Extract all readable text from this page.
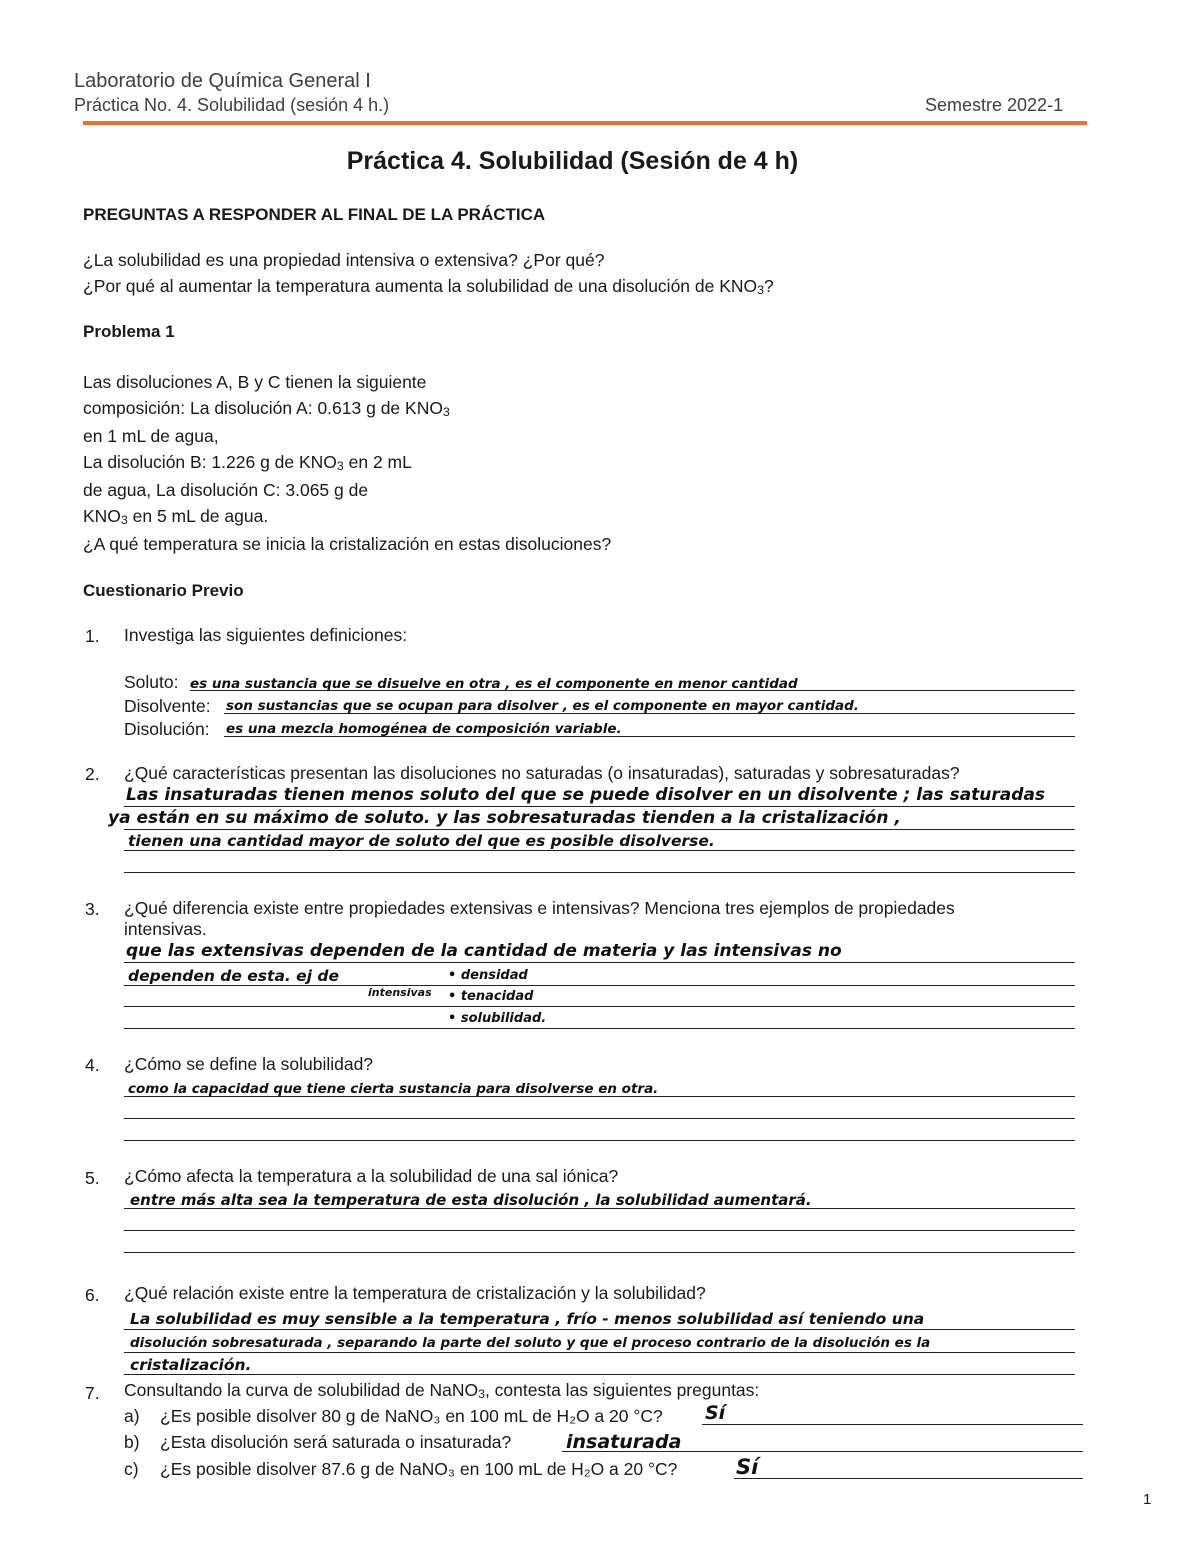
Laboratorio de Química General I
Práctica No. 4. Solubilidad (sesión 4 h.)	Semestre 2022-1
Práctica 4. Solubilidad (Sesión de 4 h)
PREGUNTAS A RESPONDER AL FINAL DE LA PRÁCTICA
¿La solubilidad es una propiedad intensiva o extensiva? ¿Por qué?
¿Por qué al aumentar la temperatura aumenta la solubilidad de una disolución de $KNO_3$?
Problema 1
Las disoluciones A, B y C tienen la siguiente
composición: La disolución A: 0.613 g de $KNO_3$
en 1 mL de agua,
La disolución B: 1.226 g de $KNO_3$ en 2 mL
de agua, La disolución C: 3.065 g de
$KNO_3$ en 5 mL de agua.
¿A qué temperatura se inicia la cristalización en estas disoluciones?
Cuestionario Previo
1. Investiga las siguientes definiciones:
Soluto: es una sustancia que se disuelve en otra , es el componente en menor cantidad
Disolvente: son sustancias que se ocupan para disolver , es el componente en mayor cantidad.
Disolución: es una mezcla homogénea de composición variable.
2. ¿Qué características presentan las disoluciones no saturadas (o insaturadas), saturadas y sobresaturadas?
Las insaturadas tienen menos soluto del que se puede disolver en un disolvente ; las saturadas
ya están en su máximo de soluto. y las sobresaturadas tienden a la cristalización ,
tienen una cantidad mayor de soluto del que es posible disolverse.
3. ¿Qué diferencia existe entre propiedades extensivas e intensivas? Menciona tres ejemplos de propiedades
intensivas.
que las extensivas dependen de la cantidad de materia y las intensivas no
dependen de esta. ej de	• densidad
intensivas • tenacidad
• solubilidad.
4. ¿Cómo se define la solubilidad?
como la capacidad que tiene cierta sustancia para disolverse en otra.
5. ¿Cómo afecta la temperatura a la solubilidad de una sal iónica?
entre más alta sea la temperatura de esta disolución , la solubilidad aumentará.
6. ¿Qué relación existe entre la temperatura de cristalización y la solubilidad?
La solubilidad es muy sensible a la temperatura , frío - menos solubilidad así teniendo una
disolución sobresaturada , separando la parte del soluto y que el proceso contrario de la disolución es la
cristalización.
7. Consultando la curva de solubilidad de NaNO$_3$, contesta las siguientes preguntas:
a) ¿Es posible disolver 80 g de NaNO₃ en 100 mL de H₂O a 20 °C? Sí
b) ¿Esta disolución será saturada o insaturada?	insaturada
c) ¿Es posible disolver 87.6 g de NaNO₃ en 100 mL de H₂O a 20 °C?	Sí
1
